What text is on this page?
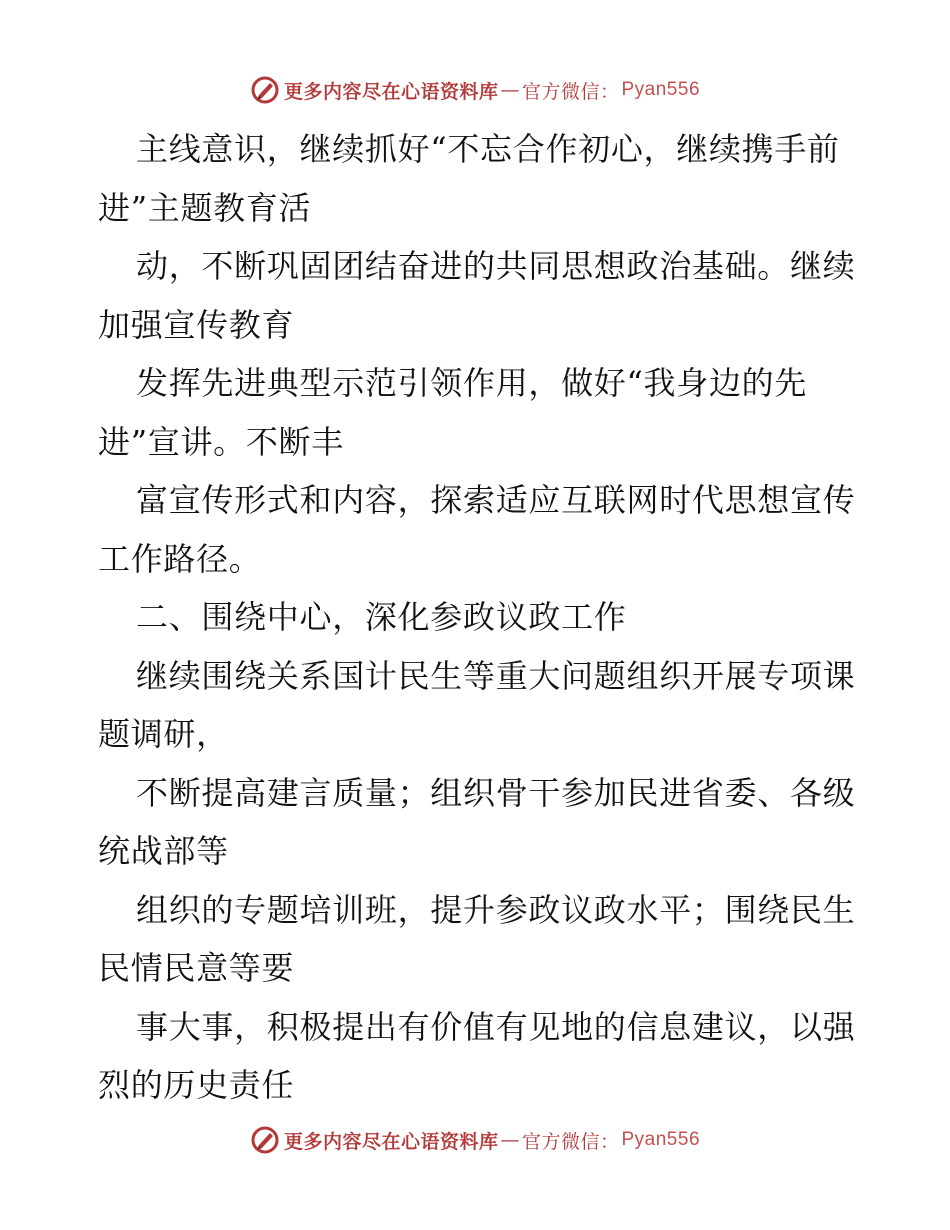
更多内容尽在心语资料库 — 官方微信： Pyan556

主线意识，继续抓好“不忘合作初心，继续携手前进”主题教育活

动，不断巩固团结奋进的共同思想政治基础。继续加强宣传教育

发挥先进典型示范引领作用，做好“我身边的先进”宣讲。不断丰

富宣传形式和内容，探索适应互联网时代思想宣传工作路径。

二、围绕中心，深化参政议政工作

继续围绕关系国计民生等重大问题组织开展专项课题调研，

不断提高建言质量；组织骨干参加民进省委、各级统战部等

组织的专题培训班，提升参政议政水平；围绕民生民情民意等要

事大事，积极提出有价值有见地的信息建议，以强烈的历史责任

更多内容尽在心语资料库 — 官方微信： Pyan556
